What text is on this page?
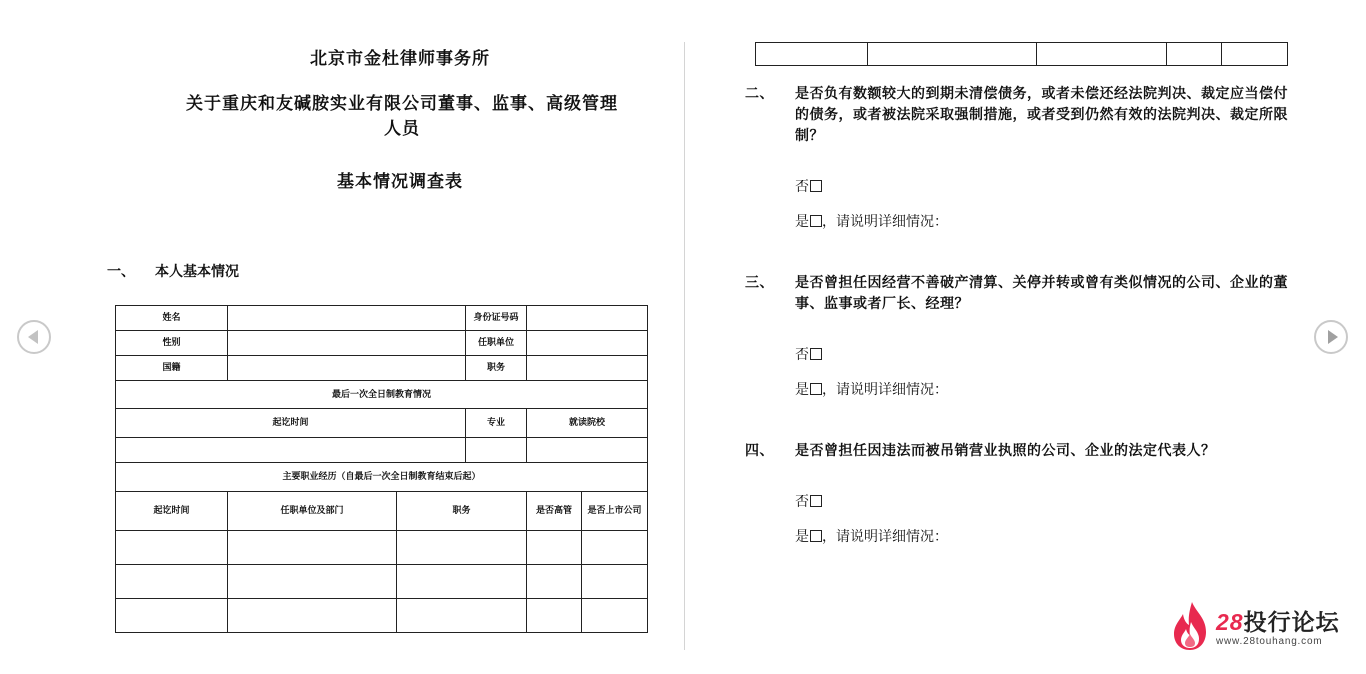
北京市金杜律师事务所
关于重庆和友碱胺实业有限公司董事、监事、高级管理
人员
基本情况调查表
一、 本人基本情况
姓名			身份证号码		
性别			任职单位		
国籍			职务		
最后一次全日制教育情况					
起讫时间			专业	就读院校	

主要职业经历（自最后一次全日制教育结束后起）					
起讫时间	任职单位及部门	职务		是否高管	是否上市公司

二、 是否负有数额较大的到期未清偿债务，或者未偿还经法院判决、裁定应当偿付的债务，或者被法院采取强制措施，或者受到仍然有效的法院判决、裁定所限制？
否
是 ，请说明详细情况：
三、 是否曾担任因经营不善破产清算、关停并转或曾有类似情况的公司、企业的董事、监事或者厂长、经理？
否
是 ，请说明详细情况：
四、 是否曾担任因违法而被吊销营业执照的公司、企业的法定代表人？
否
是 ，请说明详细情况：
28投行论坛
www.28touhang.com
